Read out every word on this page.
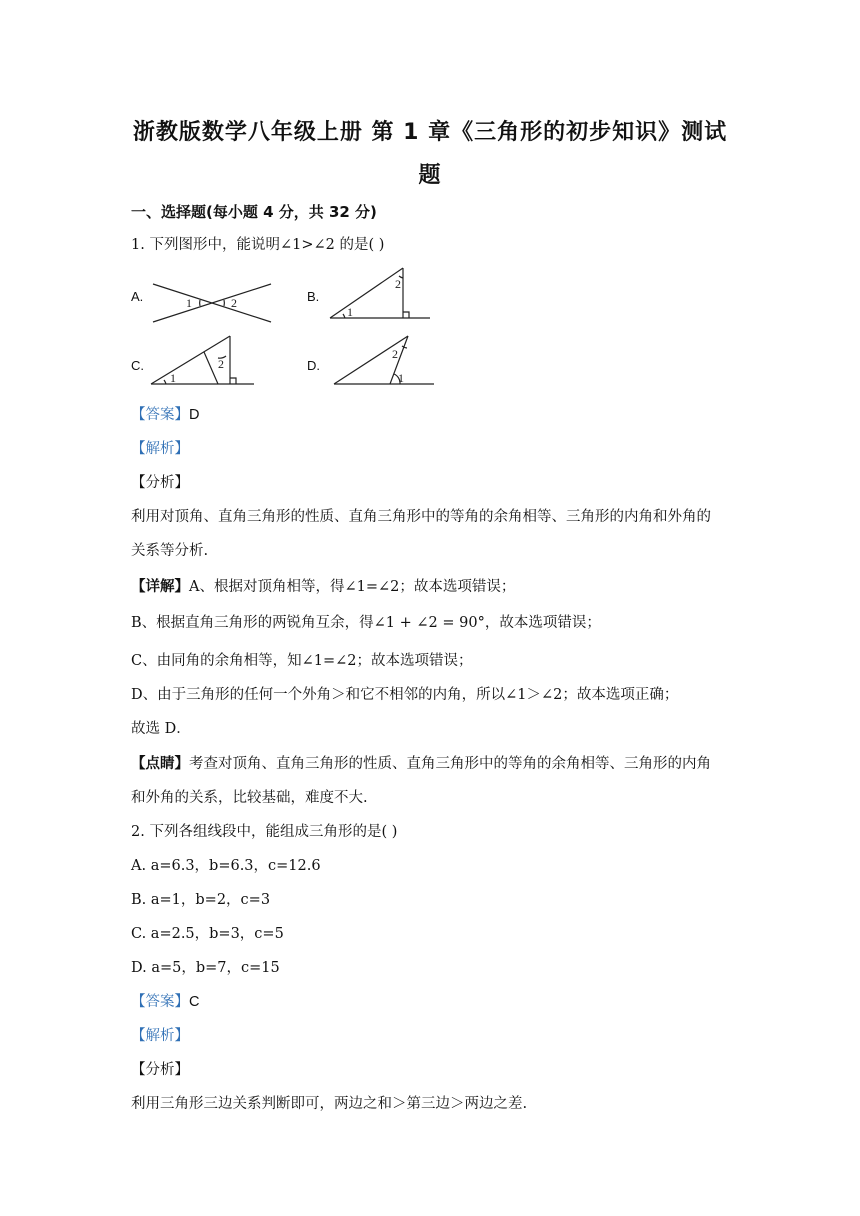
浙教版数学八年级上册 第 1 章《三角形的初步知识》测试
题
一、选择题(每小题 4 分，共 32 分)
1. 下列图形中，能说明∠1>∠2 的是( )
A.	1	2	B.
1
2
C.
1
2	D.
2
1
【答案】D
【解析】
【分析】
利用对顶角、直角三角形的性质、直角三角形中的等角的余角相等、三角形的内角和外角的
关系等分析.
【详解】A、根据对顶角相等，得∠1=∠2；故本选项错误；
B、根据直角三角形的两锐角互余，得∠1 + ∠2 = 90°，故本选项错误；
C、由同角的余角相等，知∠1=∠2；故本选项错误；
D、由于三角形的任何一个外角＞和它不相邻的内角，所以∠1＞∠2；故本选项正确；
故选 D．
【点睛】考查对顶角、直角三角形的性质、直角三角形中的等角的余角相等、三角形的内角
和外角的关系，比较基础，难度不大.
2. 下列各组线段中，能组成三角形的是( )
A. a=6.3，b=6.3，c=12.6
B. a=1，b=2，c=3
C. a=2.5，b=3，c=5
D. a=5，b=7，c=15
【答案】C
【解析】
【分析】
利用三角形三边关系判断即可，两边之和＞第三边＞两边之差.
